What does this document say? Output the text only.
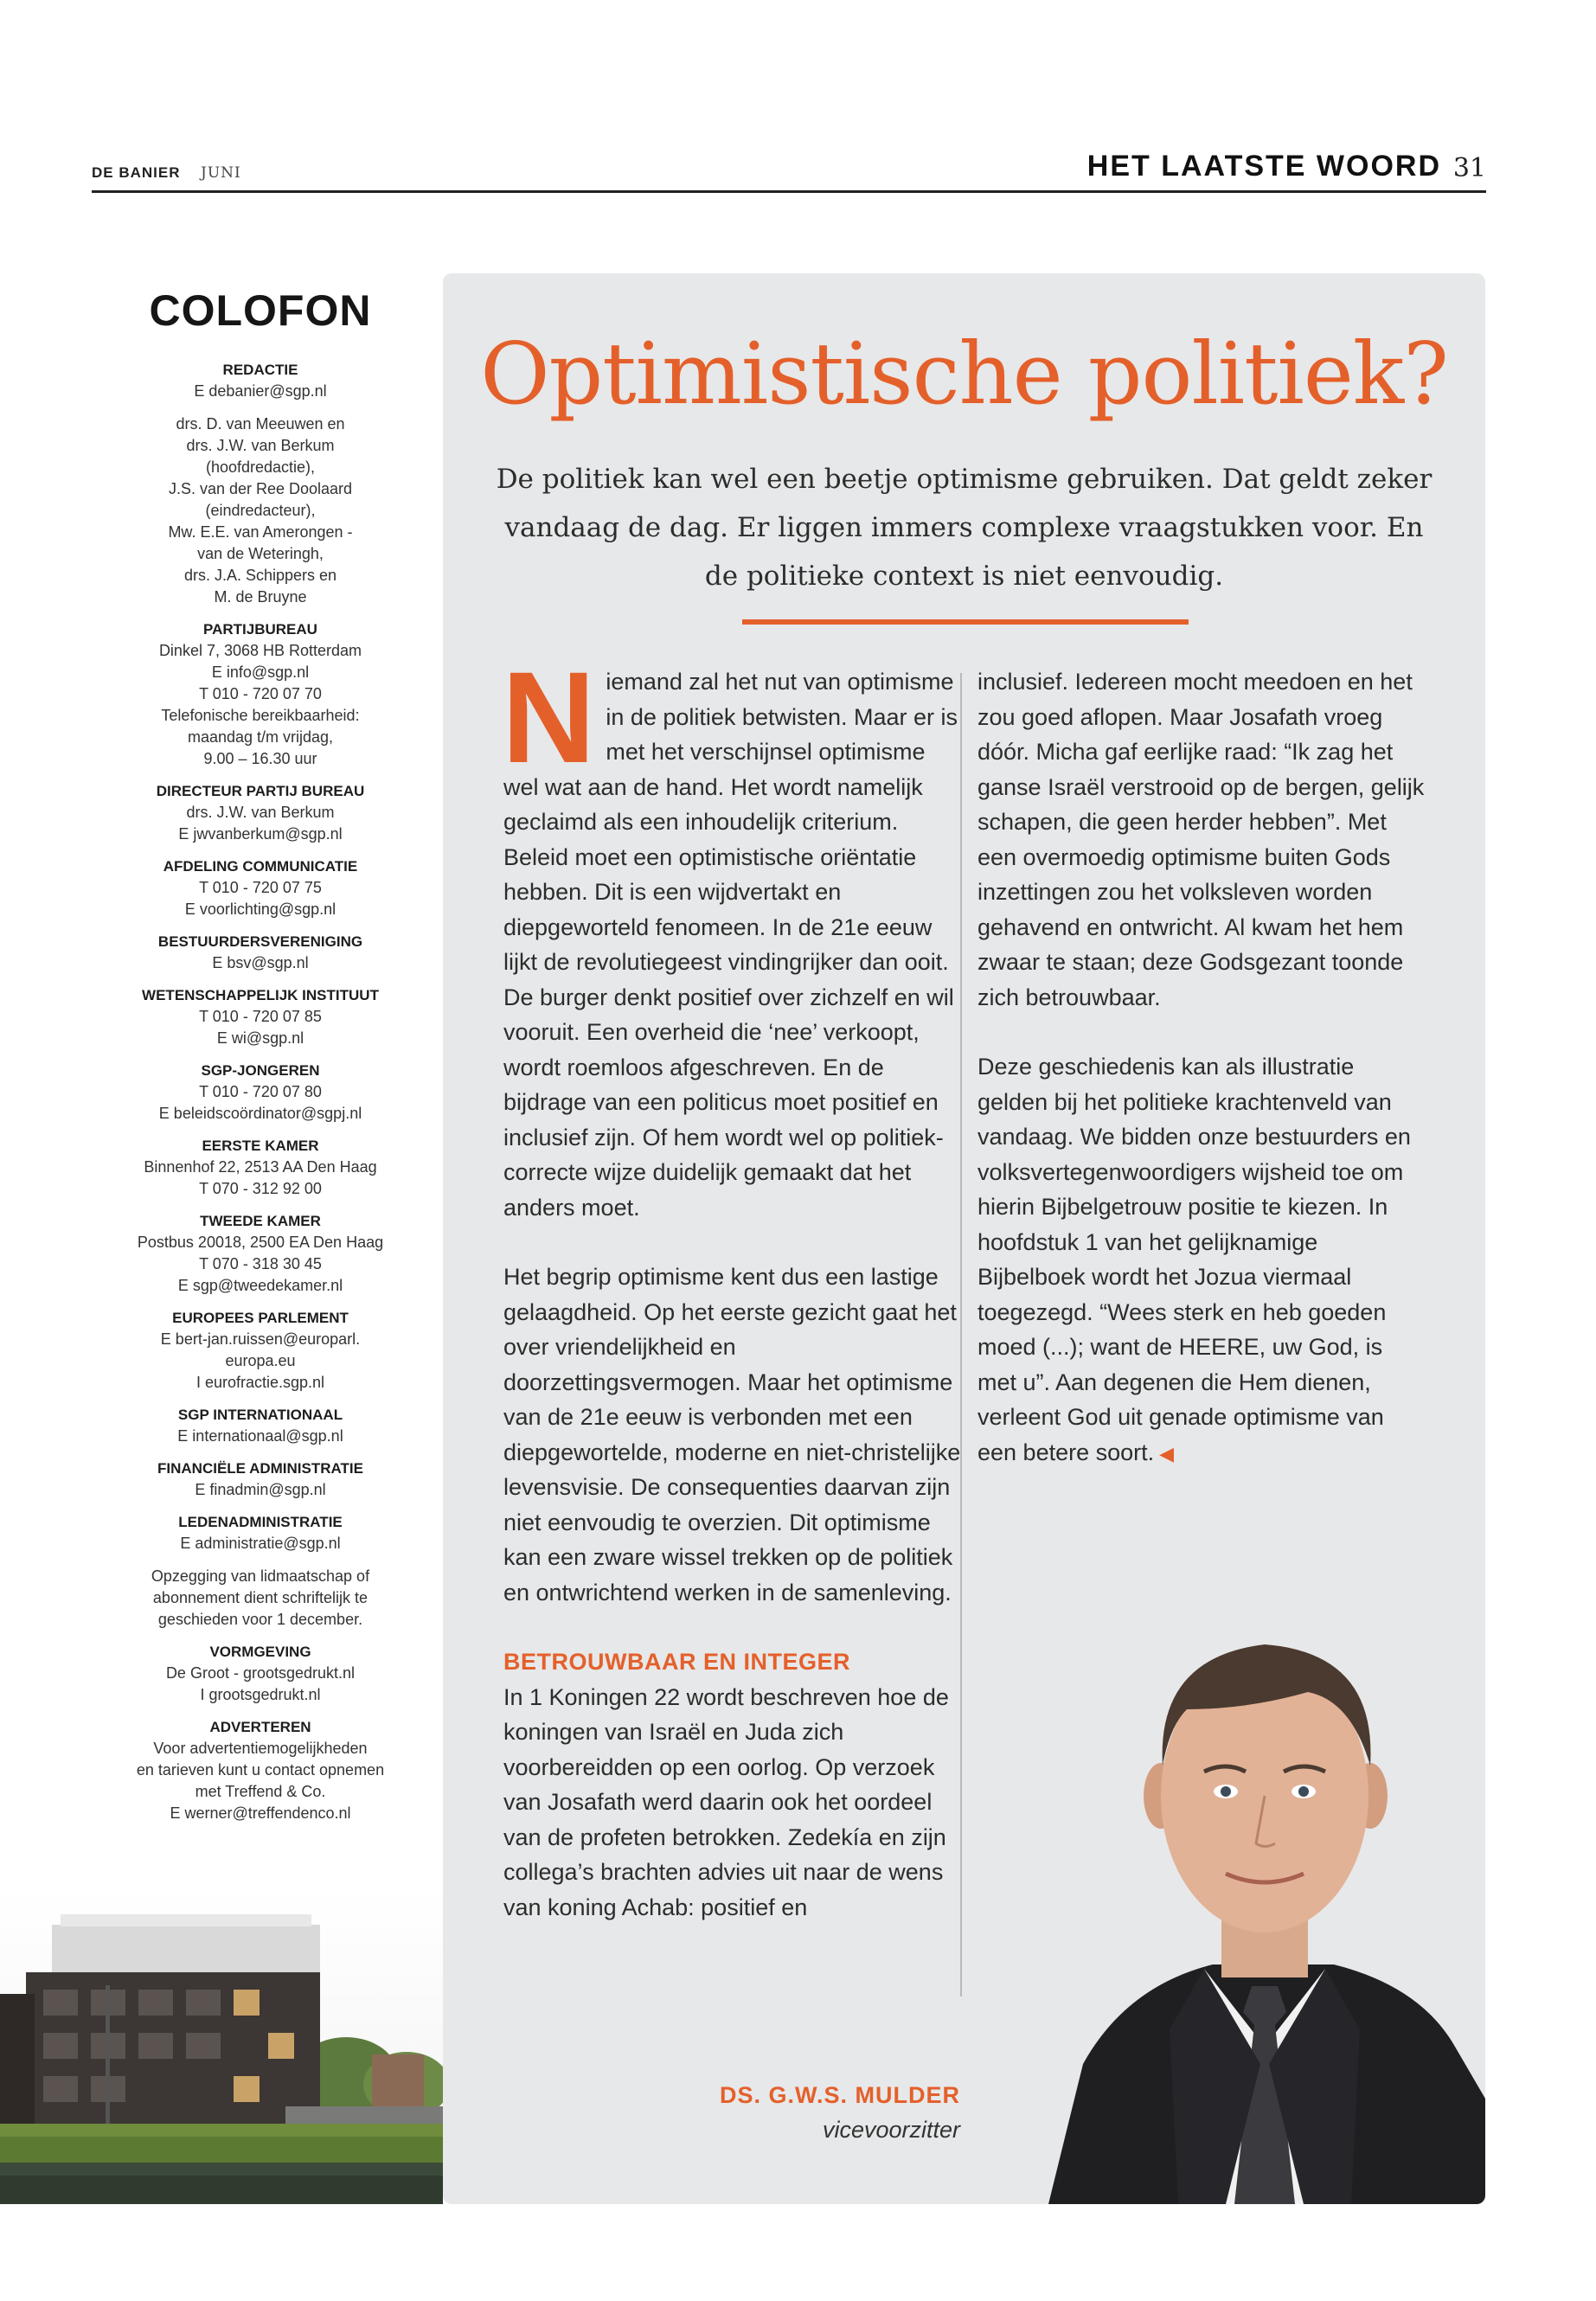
DE BANIER JUNI	HET LAATSTE WOORD 31
COLOFON
REDACTIE
E debanier@sgp.nl
drs. D. van Meeuwen en
drs. J.W. van Berkum
(hoofdredactie),
J.S. van der Ree Doolaard
(eindredacteur),
Mw. E.E. van Amerongen -
van de Weteringh,
drs. J.A. Schippers en
M. de Bruyne
PARTIJBUREAU
Dinkel 7, 3068 HB Rotterdam
E info@sgp.nl
T 010 - 720 07 70
Telefonische bereikbaarheid:
maandag t/m vrijdag,
9.00 – 16.30 uur
DIRECTEUR PARTIJ BUREAU
drs. J.W. van Berkum
E jwvanberkum@sgp.nl
AFDELING COMMUNICATIE
T 010 - 720 07 75
E voorlichting@sgp.nl
BESTUURDERSVERENIGING
E bsv@sgp.nl
WETENSCHAPPELIJK INSTITUUT
T 010 - 720 07 85
E wi@sgp.nl
SGP-JONGEREN
T 010 - 720 07 80
E beleidscoördinator@sgpj.nl
EERSTE KAMER
Binnenhof 22, 2513 AA Den Haag
T 070 - 312 92 00
TWEEDE KAMER
Postbus 20018, 2500 EA Den Haag
T 070 - 318 30 45
E sgp@tweedekamer.nl
EUROPEES PARLEMENT
E bert-jan.ruissen@europarl.
europa.eu
I eurofractie.sgp.nl
SGP INTERNATIONAAL
E internationaal@sgp.nl
FINANCIËLE ADMINISTRATIE
E finadmin@sgp.nl
LEDENADMINISTRATIE
E administratie@sgp.nl
Opzegging van lidmaatschap of
abonnement dient schriftelijk te
geschieden voor 1 december.
VORMGEVING
De Groot - grootsgedrukt.nl
I grootsgedrukt.nl
ADVERTEREN
Voor advertentiemogelijkheden
en tarieven kunt u contact opnemen
met Treffend & Co.
E werner@treffendenco.nl
Optimistische politiek?
De politiek kan wel een beetje optimisme gebruiken. Dat geldt zeker vandaag de dag. Er liggen immers complexe vraagstukken voor. En de politieke context is niet eenvoudig.

Niemand zal het nut van optimisme in de politiek betwisten. Maar er is met het verschijnsel optimisme wel wat aan de hand. Het wordt namelijk geclaimd als een inhoudelijk criterium. Beleid moet een optimistische oriëntatie hebben. Dit is een wijdvertakt en diepgeworteld fenomeen. In de 21e eeuw lijkt de revolutiegeest vindingrijker dan ooit. De burger denkt positief over zichzelf en wil vooruit. Een overheid die ‘nee’ verkoopt, wordt roemloos afgeschreven. En de bijdrage van een politicus moet positief en inclusief zijn. Of hem wordt wel op politiek-correcte wijze duidelijk gemaakt dat het anders moet.

Het begrip optimisme kent dus een lastige gelaagdheid. Op het eerste gezicht gaat het over vriendelijkheid en doorzettingsvermogen. Maar het optimisme van de 21e eeuw is verbonden met een diepgewortelde, moderne en niet-christelijke levensvisie. De consequenties daarvan zijn niet eenvoudig te overzien. Dit optimisme kan een zware wissel trekken op de politiek en ontwrichtend werken in de samenleving.

BETROUWBAAR EN INTEGER

In 1 Koningen 22 wordt beschreven hoe de koningen van Israël en Juda zich voorbereidden op een oorlog. Op verzoek van Josafath werd daarin ook het oordeel van de profeten betrokken. Zedekía en zijn collega’s brachten advies uit naar de wens van koning Achab: positief en

inclusief. Iedereen mocht meedoen en het zou goed aflopen. Maar Josafath vroeg dóór. Micha gaf eerlijke raad: “Ik zag het ganse Israël verstrooid op de bergen, gelijk schapen, die geen herder hebben”. Met een overmoedig optimisme buiten Gods inzettingen zou het volksleven worden gehavend en ontwricht. Al kwam het hem zwaar te staan; deze Godsgezant toonde zich betrouwbaar.

Deze geschiedenis kan als illustratie gelden bij het politieke krachtenveld van vandaag. We bidden onze bestuurders en volksvertegenwoordigers wijsheid toe om hierin Bijbelgetrouw positie te kiezen. In hoofdstuk 1 van het gelijknamige Bijbelboek wordt het Jozua viermaal toegezegd. “Wees sterk en heb goeden moed (...); want de HEERE, uw God, is met u”. Aan degenen die Hem dienen, verleent God uit genade optimisme van een betere soort. ◀

DS. G.W.S. MULDER
vicevoorzitter
